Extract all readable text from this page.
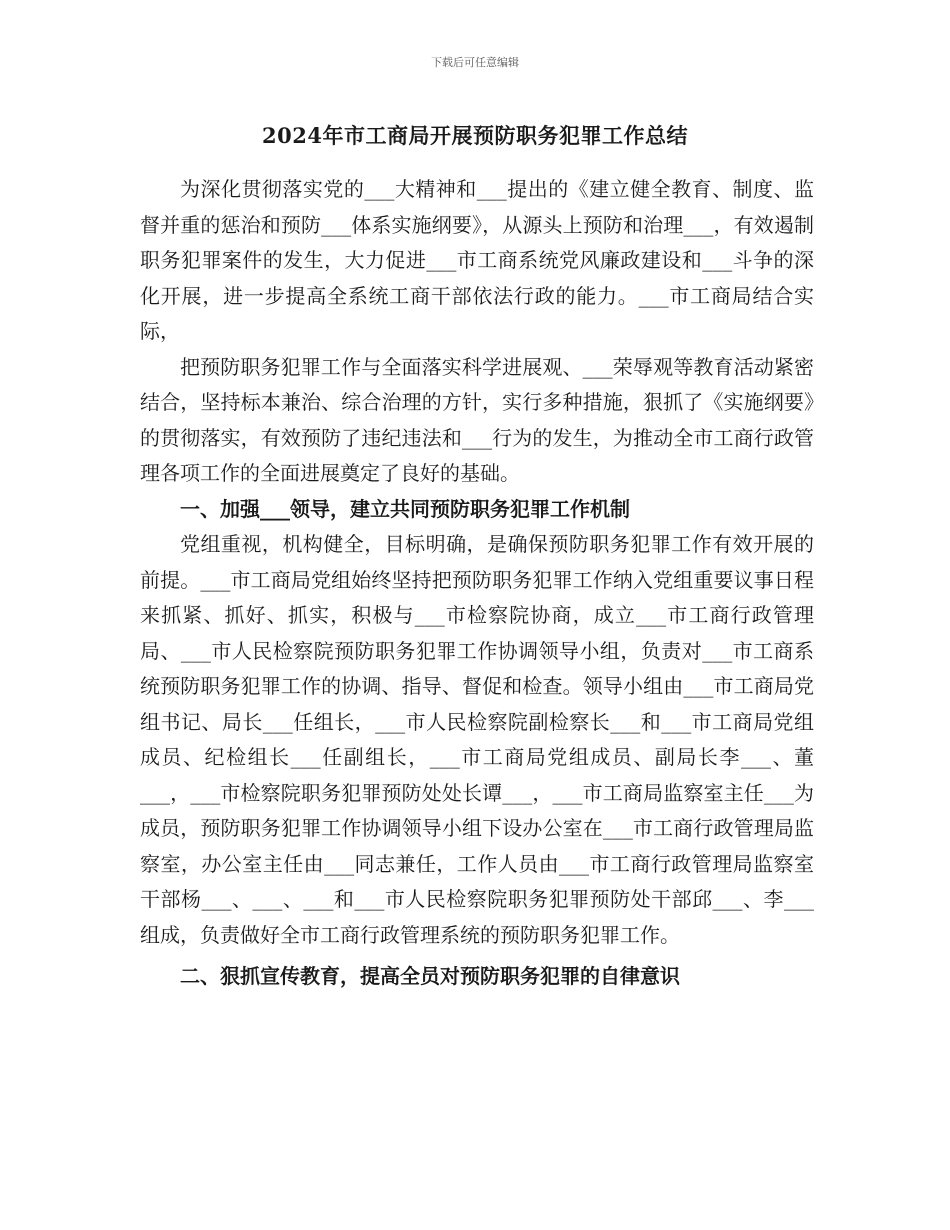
下载后可任意编辑
2024年市工商局开展预防职务犯罪工作总结

为深化贯彻落实党的___大精神和___提出的《建立健全教育、制度、监督并重的惩治和预防___体系实施纲要》，从源头上预防和治理___，有效遏制职务犯罪案件的发生，大力促进___市工商系统党风廉政建设和___斗争的深化开展，进一步提高全系统工商干部依法行政的能力。___市工商局结合实际，

把预防职务犯罪工作与全面落实科学进展观、___荣辱观等教育活动紧密结合，坚持标本兼治、综合治理的方针，实行多种措施，狠抓了《实施纲要》的贯彻落实，有效预防了违纪违法和___行为的发生，为推动全市工商行政管理各项工作的全面进展奠定了良好的基础。

一、加强___领导，建立共同预防职务犯罪工作机制

党组重视，机构健全，目标明确，是确保预防职务犯罪工作有效开展的前提。___市工商局党组始终坚持把预防职务犯罪工作纳入党组重要议事日程来抓紧、抓好、抓实，积极与___市检察院协商，成立___市工商行政管理局、___市人民检察院预防职务犯罪工作协调领导小组，负责对___市工商系统预防职务犯罪工作的协调、指导、督促和检查。领导小组由___市工商局党组书记、局长___任组长，___市人民检察院副检察长___和___市工商局党组成员、纪检组长___任副组长，___市工商局党组成员、副局长李___、董___，___市检察院职务犯罪预防处处长谭___，___市工商局监察室主任___为成员，预防职务犯罪工作协调领导小组下设办公室在___市工商行政管理局监察室，办公室主任由___同志兼任，工作人员由___市工商行政管理局监察室干部杨___、___、___和___市人民检察院职务犯罪预防处干部邱___、李___组成，负责做好全市工商行政管理系统的预防职务犯罪工作。

二、狠抓宣传教育，提高全员对预防职务犯罪的自律意识
